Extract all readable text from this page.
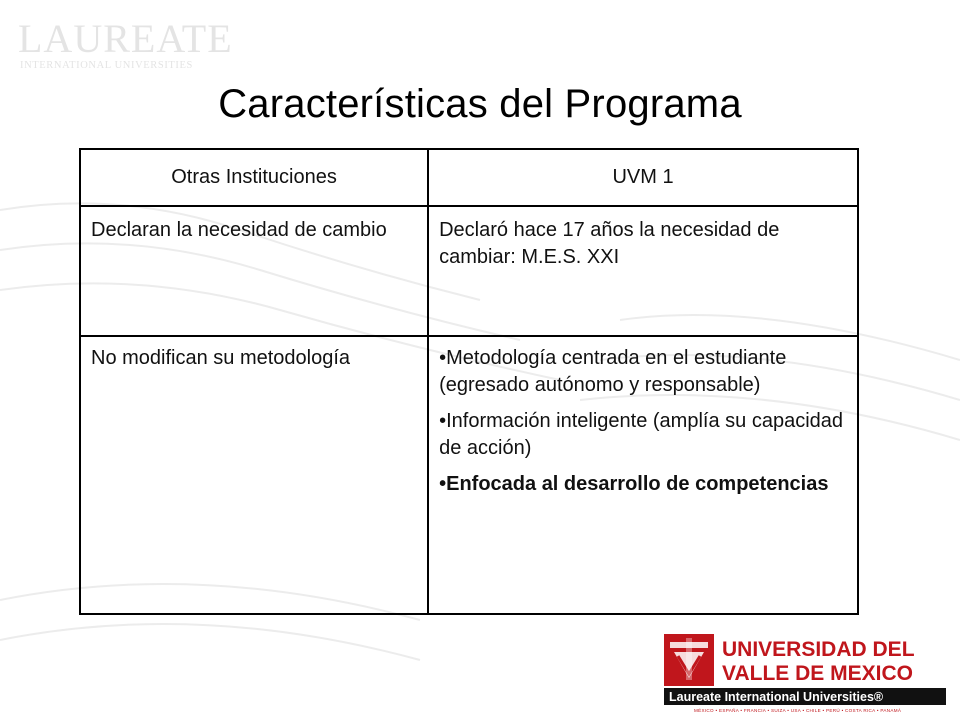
LAUREATE
INTERNATIONAL UNIVERSITIES
Características del Programa
Otras Instituciones	UVM 1
Declaran la necesidad de cambio	Declaró hace 17 años la necesidad de cambiar: M.E.S. XXI
No modifican su metodología	•Metodología centrada en el estudiante (egresado autónomo y responsable)
•Información inteligente (amplía su capacidad de acción)
•Enfocada al desarrollo de competencias
UNIVERSIDAD DEL
VALLE DE MEXICO
Laureate International Universities®
MÉXICO • ESPAÑA • FRANCIA • SUIZA • USA • CHILE • PERÚ • COSTA RICA • PANAMÁ
